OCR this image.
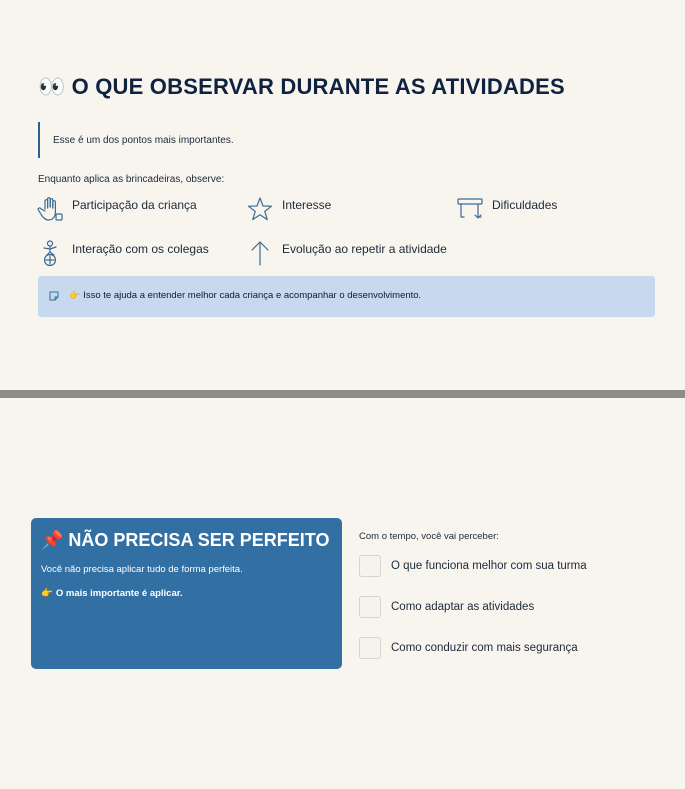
👀 O QUE OBSERVAR DURANTE AS ATIVIDADES
Esse é um dos pontos mais importantes.
Enquanto aplica as brincadeiras, observe:
Participação da criança	Interesse	Dificuldades
Interação com os colegas	Evolução ao repetir a atividade
👉 Isso te ajuda a entender melhor cada criança e acompanhar o desenvolvimento.
📌 NÃO PRECISA SER PERFEITO
Você não precisa aplicar tudo de forma perfeita.
👉 O mais importante é aplicar.
Com o tempo, você vai perceber:
O que funciona melhor com sua turma
Como adaptar as atividades
Como conduzir com mais segurança
